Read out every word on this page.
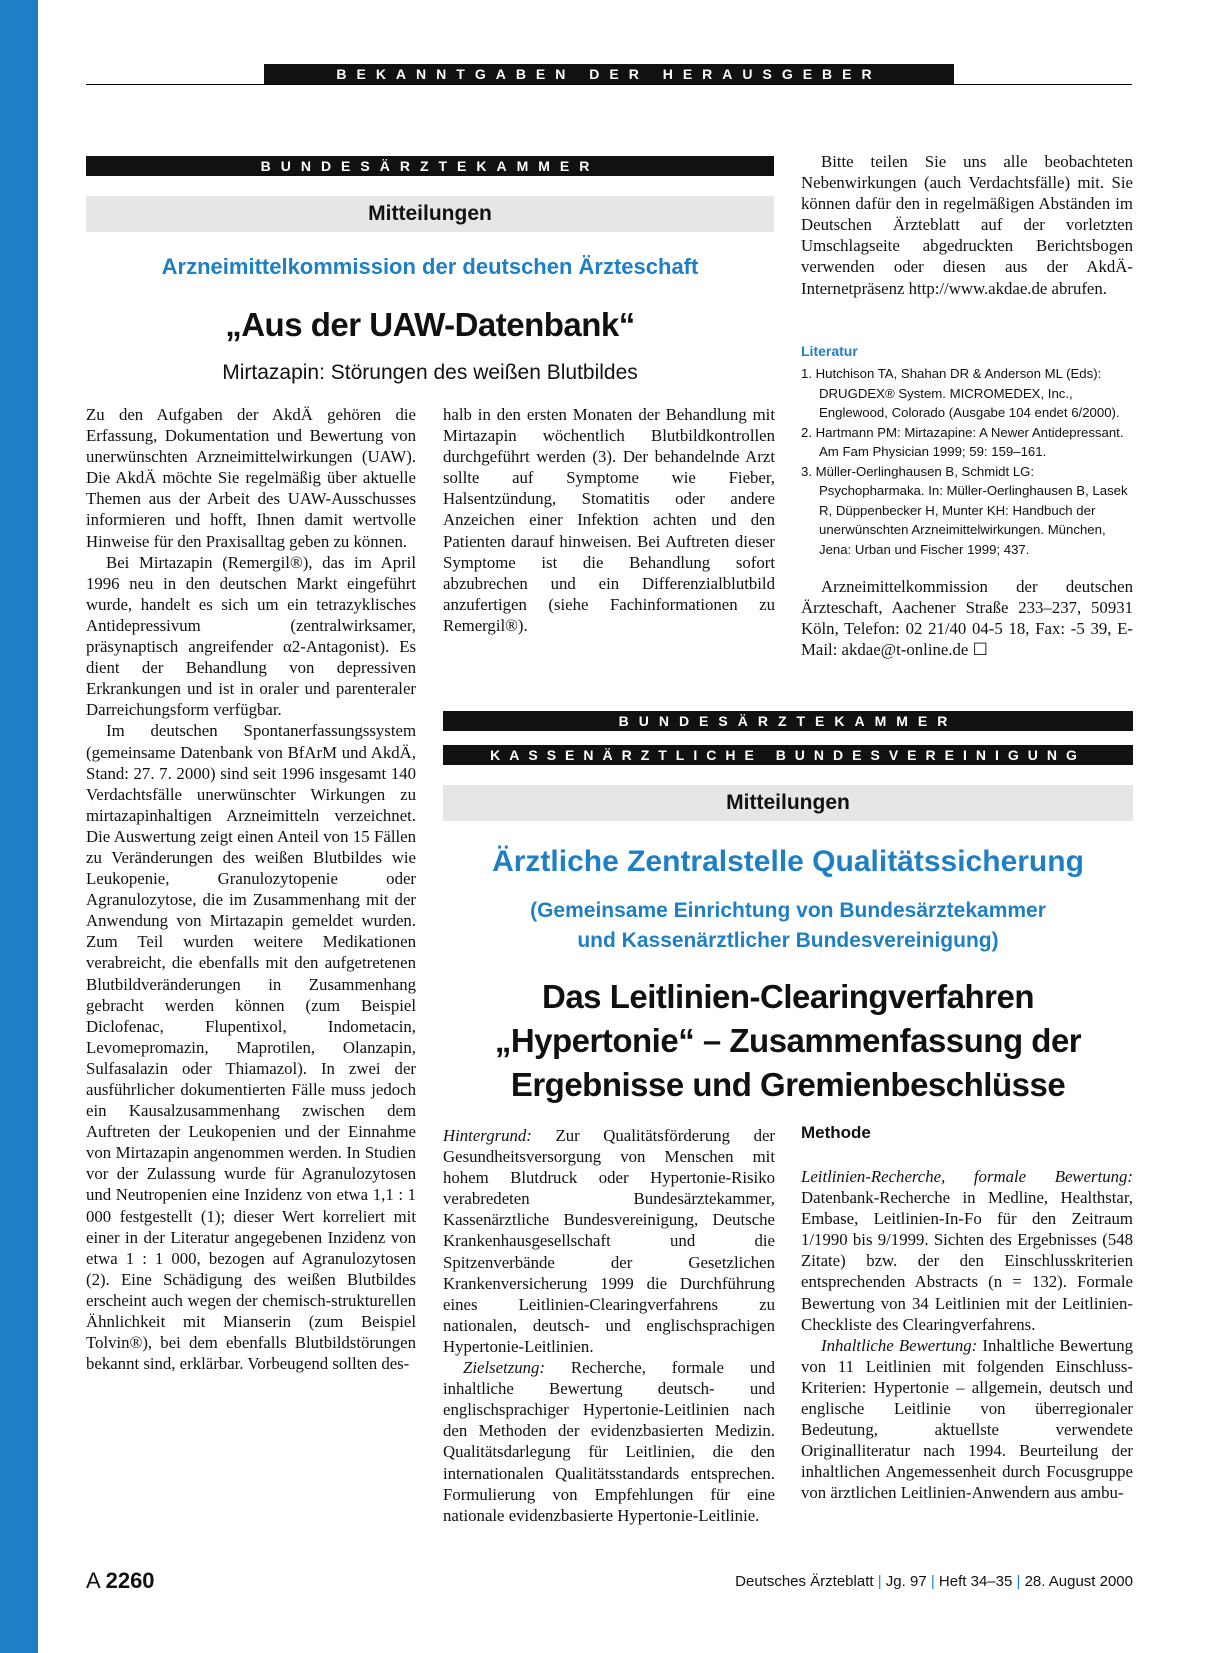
BEKANNTGABEN DER HERAUSGEBER
BUNDESÄRZTEKAMMER
Mitteilungen
Arzneimittelkommission der deutschen Ärzteschaft
„Aus der UAW-Datenbank“
Mirtazapin: Störungen des weißen Blutbildes

Zu den Aufgaben der AkdÄ gehören die Erfassung, Dokumentation und Bewertung von unerwünschten Arzneimittelwirkungen (UAW). Die AkdÄ möchte Sie regelmäßig über aktuelle Themen aus der Arbeit des UAW-Ausschusses informieren und hofft, Ihnen damit wertvolle Hinweise für den Praxisalltag geben zu können.

Bei Mirtazapin (Remergil®), das im April 1996 neu in den deutschen Markt eingeführt wurde, handelt es sich um ein tetrazyklisches Antidepressivum (zentralwirksamer, präsynaptisch angreifender α2-Antagonist). Es dient der Behandlung von depressiven Erkrankungen und ist in oraler und parenteraler Darreichungsform verfügbar.

Im deutschen Spontanerfassungssystem (gemeinsame Datenbank von BfArM und AkdÄ, Stand: 27. 7. 2000) sind seit 1996 insgesamt 140 Verdachtsfälle unerwünschter Wirkungen zu mirtazapinhaltigen Arzneimitteln verzeichnet. Die Auswertung zeigt einen Anteil von 15 Fällen zu Veränderungen des weißen Blutbildes wie Leukopenie, Granulozytopenie oder Agranulozytose, die im Zusammenhang mit der Anwendung von Mirtazapin gemeldet wurden. Zum Teil wurden weitere Medikationen verabreicht, die ebenfalls mit den aufgetretenen Blutbildveränderungen in Zusammenhang gebracht werden können (zum Beispiel Diclofenac, Flupentixol, Indometacin, Levomepromazin, Maprotilen, Olanzapin, Sulfasalazin oder Thiamazol). In zwei der ausführlicher dokumentierten Fälle muss jedoch ein Kausalzusammenhang zwischen dem Auftreten der Leukopenien und der Einnahme von Mirtazapin angenommen werden. In Studien vor der Zulassung wurde für Agranulozytosen und Neutropenien eine Inzidenz von etwa 1,1 : 1 000 festgestellt (1); dieser Wert korreliert mit einer in der Literatur angegebenen Inzidenz von etwa 1 : 1 000, bezogen auf Agranulozytosen (2). Eine Schädigung des weißen Blutbildes erscheint auch wegen der chemisch-strukturellen Ähnlichkeit mit Mianserin (zum Beispiel Tolvin®), bei dem ebenfalls Blutbildstörungen bekannt sind, erklärbar. Vorbeugend sollten des-

halb in den ersten Monaten der Behandlung mit Mirtazapin wöchentlich Blutbildkontrollen durchgeführt werden (3). Der behandelnde Arzt sollte auf Symptome wie Fieber, Halsentzündung, Stomatitis oder andere Anzeichen einer Infektion achten und den Patienten darauf hinweisen. Bei Auftreten dieser Symptome ist die Behandlung sofort abzubrechen und ein Differenzialblutbild anzufertigen (siehe Fachinformationen zu Remergil®).

Bitte teilen Sie uns alle beobachteten Nebenwirkungen (auch Verdachtsfälle) mit. Sie können dafür den in regelmäßigen Abständen im Deutschen Ärzteblatt auf der vorletzten Umschlagseite abgedruckten Berichtsbogen verwenden oder diesen aus der AkdÄ-Internetpräsenz http://www.akdae.de abrufen.

Literatur
1. Hutchison TA, Shahan DR & Anderson ML (Eds): DRUGDEX® System. MICROMEDEX, Inc., Englewood, Colorado (Ausgabe 104 endet 6/2000).
2. Hartmann PM: Mirtazapine: A Newer Antidepressant. Am Fam Physician 1999; 59: 159–161.
3. Müller-Oerlinghausen B, Schmidt LG: Psychopharmaka. In: Müller-Oerlinghausen B, Lasek R, Düppenbecker H, Munter KH: Handbuch der unerwünschten Arzneimittelwirkungen. München, Jena: Urban und Fischer 1999; 437.

Arzneimittelkommission der deutschen Ärzteschaft, Aachener Straße 233–237, 50931 Köln, Telefon: 02 21/40 04-5 18, Fax: -5 39, E-Mail: akdae@t-online.de ☐

BUNDESÄRZTEKAMMER
KASSENÄRZTLICHE BUNDESVEREINIGUNG
Mitteilungen
Ärztliche Zentralstelle Qualitätssicherung
(Gemeinsame Einrichtung von Bundesärztekammer
und Kassenärztlicher Bundesvereinigung)
Das Leitlinien-Clearingverfahren
„Hypertonie“ – Zusammenfassung der
Ergebnisse und Gremienbeschlüsse

Hintergrund: Zur Qualitätsförderung der Gesundheitsversorgung von Menschen mit hohem Blutdruck oder Hypertonie-Risiko verabredeten Bundesärztekammer, Kassenärztliche Bundesvereinigung, Deutsche Krankenhausgesellschaft und die Spitzenverbände der Gesetzlichen Krankenversicherung 1999 die Durchführung eines Leitlinien-Clearingverfahrens zu nationalen, deutsch- und englischsprachigen Hypertonie-Leitlinien.

Zielsetzung: Recherche, formale und inhaltliche Bewertung deutsch- und englischsprachiger Hypertonie-Leitlinien nach den Methoden der evidenzbasierten Medizin. Qualitätsdarlegung für Leitlinien, die den internationalen Qualitätsstandards entsprechen. Formulierung von Empfehlungen für eine nationale evidenzbasierte Hypertonie-Leitlinie.

Methode

Leitlinien-Recherche, formale Bewertung: Datenbank-Recherche in Medline, Healthstar, Embase, Leitlinien-In-Fo für den Zeitraum 1/1990 bis 9/1999. Sichten des Ergebnisses (548 Zitate) bzw. der den Einschlusskriterien entsprechenden Abstracts (n = 132). Formale Bewertung von 34 Leitlinien mit der Leitlinien-Checkliste des Clearingverfahrens.

Inhaltliche Bewertung: Inhaltliche Bewertung von 11 Leitlinien mit folgenden Einschluss-Kriterien: Hypertonie – allgemein, deutsch und englische Leitlinie von überregionaler Bedeutung, aktuellste verwendete Originalliteratur nach 1994. Beurteilung der inhaltlichen Angemessenheit durch Focusgruppe von ärztlichen Leitlinien-Anwendern aus ambu-

A 2260	Deutsches Ärzteblatt | Jg. 97 | Heft 34–35 | 28. August 2000
